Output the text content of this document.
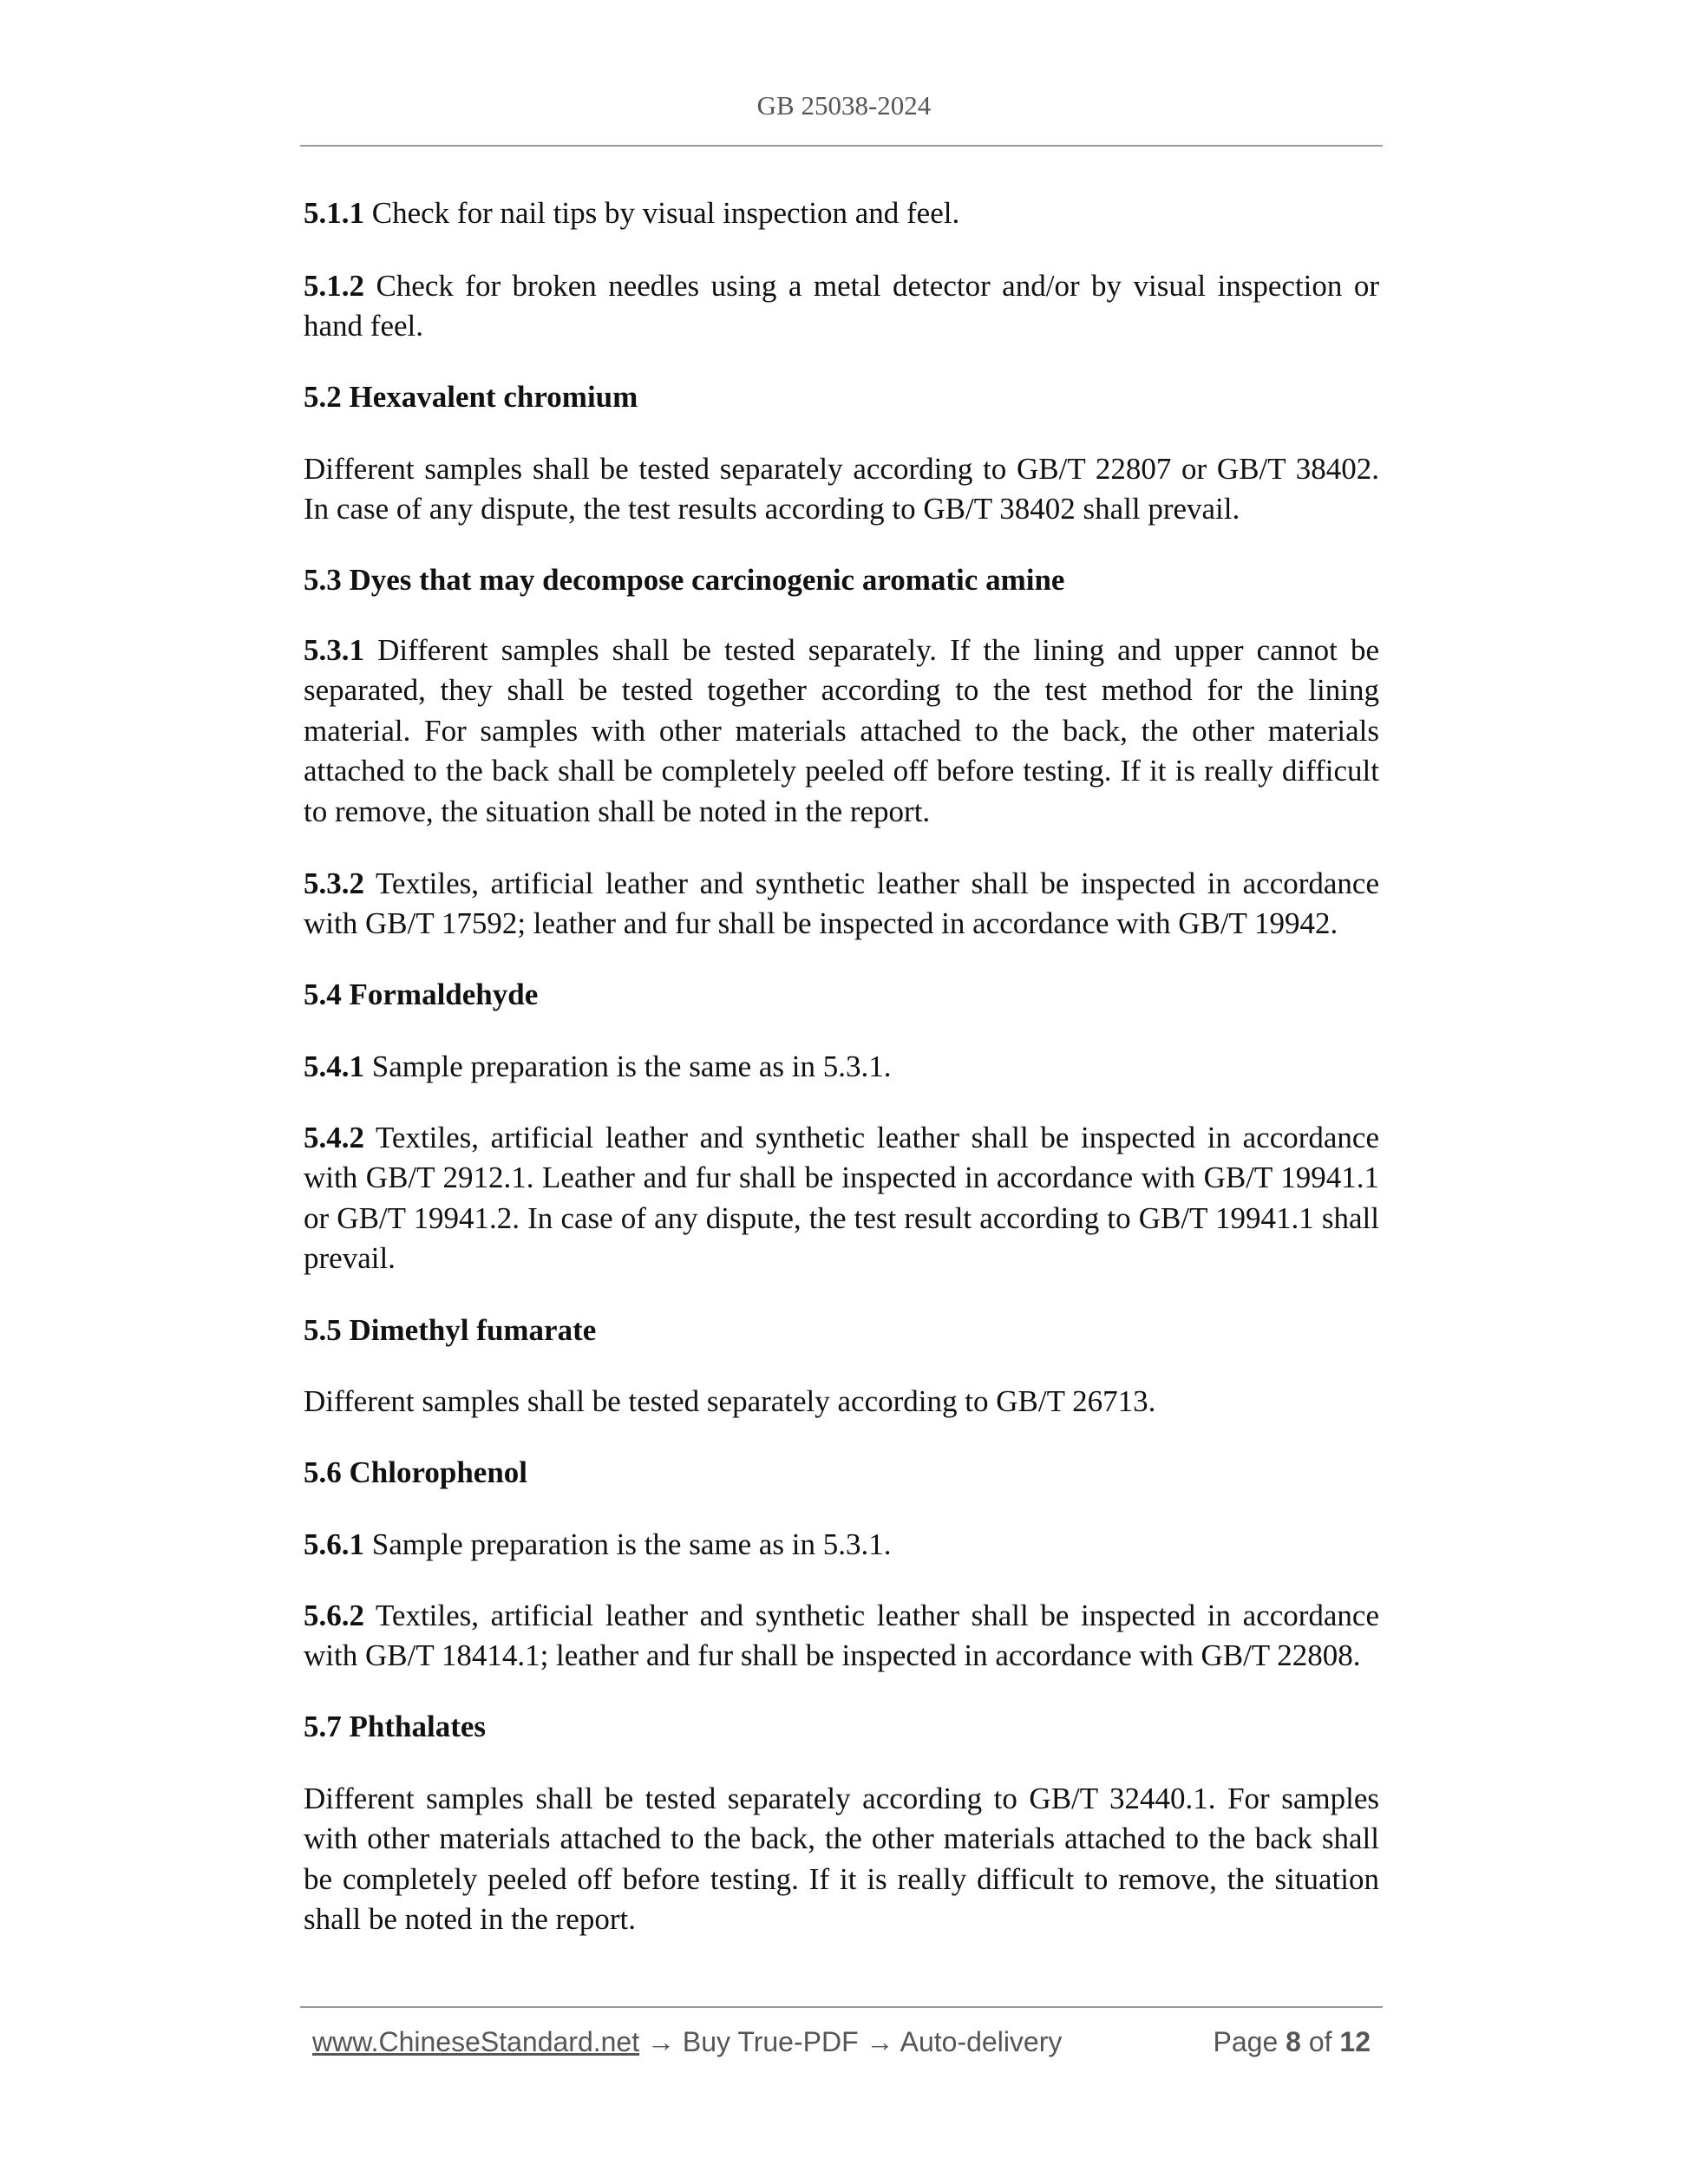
GB 25038-2024

5.1.1 Check for nail tips by visual inspection and feel.

5.1.2 Check for broken needles using a metal detector and/or by visual inspection or hand feel.

5.2 Hexavalent chromium

Different samples shall be tested separately according to GB/T 22807 or GB/T 38402. In case of any dispute, the test results according to GB/T 38402 shall prevail.

5.3 Dyes that may decompose carcinogenic aromatic amine

5.3.1 Different samples shall be tested separately. If the lining and upper cannot be separated, they shall be tested together according to the test method for the lining material. For samples with other materials attached to the back, the other materials attached to the back shall be completely peeled off before testing. If it is really difficult to remove, the situation shall be noted in the report.

5.3.2 Textiles, artificial leather and synthetic leather shall be inspected in accordance with GB/T 17592; leather and fur shall be inspected in accordance with GB/T 19942.

5.4 Formaldehyde

5.4.1 Sample preparation is the same as in 5.3.1.

5.4.2 Textiles, artificial leather and synthetic leather shall be inspected in accordance with GB/T 2912.1. Leather and fur shall be inspected in accordance with GB/T 19941.1 or GB/T 19941.2. In case of any dispute, the test result according to GB/T 19941.1 shall prevail.

5.5 Dimethyl fumarate

Different samples shall be tested separately according to GB/T 26713.

5.6 Chlorophenol

5.6.1 Sample preparation is the same as in 5.3.1.

5.6.2 Textiles, artificial leather and synthetic leather shall be inspected in accordance with GB/T 18414.1; leather and fur shall be inspected in accordance with GB/T 22808.

5.7 Phthalates

Different samples shall be tested separately according to GB/T 32440.1. For samples with other materials attached to the back, the other materials attached to the back shall be completely peeled off before testing. If it is really difficult to remove, the situation shall be noted in the report.

www.ChineseStandard.net → Buy True-PDF → Auto-delivery	Page 8 of 12
